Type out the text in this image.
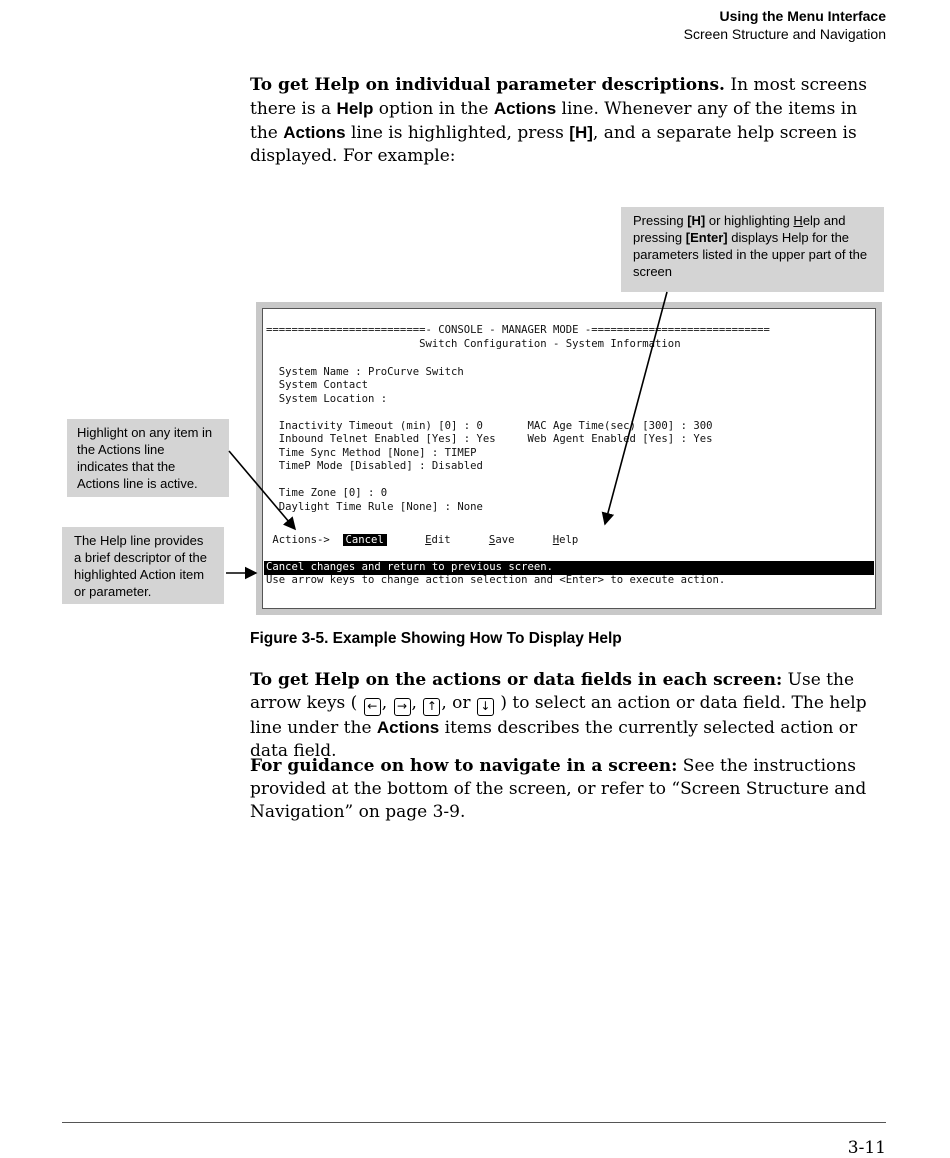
Using the Menu Interface
Screen Structure and Navigation
To get Help on individual parameter descriptions. In most screens there is a Help option in the Actions line. Whenever any of the items in the Actions line is highlighted, press [H], and a separate help screen is displayed. For example:
Pressing [H] or highlighting Help and pressing [Enter] displays Help for the parameters listed in the upper part of the screen
Highlight on any item in the Actions line indicates that the Actions line is active.
The Help line provides a brief descriptor of the highlighted Action item or parameter.

=========================- CONSOLE - MANAGER MODE -============================

Switch Configuration - System Information

System Name : ProCurve Switch

System Contact

System Location :

Inactivity Timeout (min) [0] : 0       MAC Age Time(sec) [300] : 300

Inbound Telnet Enabled [Yes] : Yes     Web Agent Enabled [Yes] : Yes

Time Sync Method [None] : TIMEP

TimeP Mode [Disabled] : Disabled

Time Zone [0] : 0

Daylight Time Rule [None] : None

Actions->  Cancel	Edit	Save	Help

Cancel changes and return to previous screen.

Use arrow keys to change action selection and <Enter> to execute action.

Figure 3-5. Example Showing How To Display Help
To get Help on the actions or data fields in each screen: Use the arrow keys ( ← , → , ↑ , or ↓ ) to select an action or data field. The help line under the Actions items describes the currently selected action or data field.
For guidance on how to navigate in a screen: See the instructions provided at the bottom of the screen, or refer to “Screen Structure and Navigation” on page 3-9.
3-11
